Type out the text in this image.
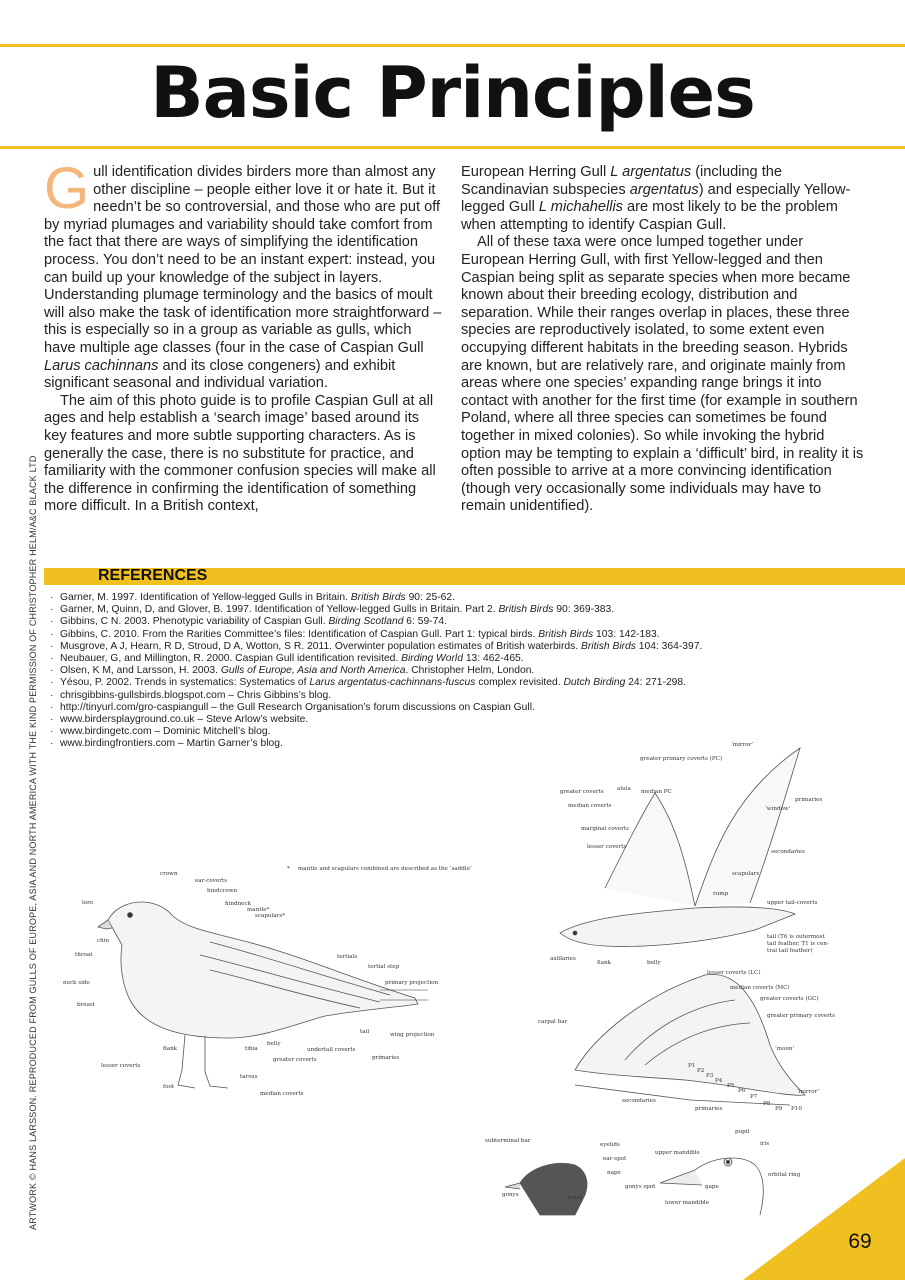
Basic Principles

Gull identification divides birders more than almost any other discipline – people either love it or hate it. But it needn’t be so controversial, and those who are put off by myriad plumages and variability should take comfort from the fact that there are ways of simplifying the identification process. You don’t need to be an instant expert: instead, you can build up your knowledge of the subject in layers. Understanding plumage terminology and the basics of moult will also make the task of identification more straightforward – this is especially so in a group as variable as gulls, which have multiple age classes (four in the case of Caspian Gull Larus cachinnans and its close congeners) and exhibit significant seasonal and individual variation.

The aim of this photo guide is to profile Caspian Gull at all ages and help establish a ‘search image’ based around its key features and more subtle supporting characters. As is generally the case, there is no substitute for practice, and familiarity with the commoner confusion species will make all the difference in confirming the identification of something more difficult. In a British context,

European Herring Gull L argentatus (including the Scandinavian subspecies argentatus) and especially Yellow-legged Gull L michahellis are most likely to be the problem when attempting to identify Caspian Gull.

All of these taxa were once lumped together under European Herring Gull, with first Yellow-legged and then Caspian being split as separate species when more became known about their breeding ecology, distribution and separation. While their ranges overlap in places, these three species are reproductively isolated, to some extent even occupying different habitats in the breeding season. Hybrids are known, but are relatively rare, and originate mainly from areas where one species’ expanding range brings it into contact with another for the first time (for example in southern Poland, where all three species can sometimes be found together in mixed colonies). So while invoking the hybrid option may be tempting to explain a ‘difficult’ bird, in reality it is often possible to arrive at a more convincing identification (though very occasionally some individuals may have to remain unidentified).

REFERENCES
· Garner, M. 1997. Identification of Yellow-legged Gulls in Britain. British Birds 90: 25-62.
· Garner, M, Quinn, D, and Glover, B. 1997. Identification of Yellow-legged Gulls in Britain. Part 2. British Birds 90: 369-383.
· Gibbins, C N. 2003. Phenotypic variability of Caspian Gull. Birding Scotland 6: 59-74.
· Gibbins, C. 2010. From the Rarities Committee’s files: Identification of Caspian Gull. Part 1: typical birds. British Birds 103: 142-183.
· Musgrove, A J, Hearn, R D, Stroud, D A, Wotton, S R. 2011. Overwinter population estimates of British waterbirds. British Birds 104: 364-397.
· Neubauer, G, and Millington, R. 2000. Caspian Gull identification revisited. Birding World 13: 462-465.
· Olsen, K M, and Larsson, H. 2003. Gulls of Europe, Asia and North America. Christopher Helm, London.
· Yésou, P. 2002. Trends in systematics: Systematics of Larus argentatus-cachinnans-fuscus complex revisited. Dutch Birding 24: 271-298.
· chrisgibbins-gullsbirds.blogspot.com – Chris Gibbins’s blog.
· http://tinyurl.com/gro-caspiangull – the Gull Research Organisation’s forum discussions on Caspian Gull.
· www.birdersplayground.co.uk – Steve Arlow’s website.
· www.birdingetc.com – Dominic Mitchell’s blog.
· www.birdingfrontiers.com – Martin Garner’s blog.
ARTWORK © HANS LARSSON. REPRODUCED FROM GULLS OF EUROPE, ASIA AND NORTH AMERICA WITH THE KIND PERMISSION OF CHRISTOPHER HELM/A&C BLACK LTD	crown
ear-coverts
hindcrown
lore	hindneck
mantle*
scapulars*
chin
throat	tertials
tertial step
primary projection
neck side
breast
wing projection
tail
belly
undertail coverts
flank	tibia
primaries
greater coverts
lesser coverts
tarsus
foot
median coverts
* mantle and scapulars combined are described as the ‘saddle’
‘mirror’
greater primary coverts (PC)
primaries
alula median PC
greater coverts
median coverts	‘window’
marginal coverts
secondaries
lesser coverts
scapulars
rump
upper tail-coverts
tail (T6 is outermost
tail feather, T1 is cen-
tral tail feather)
axillaries
flank	belly
lesser coverts (LC)
median coverts (MC)
greater coverts (GC)
carpal bar
greater primary coverts
‘moon’
P1
P2
P3
P4
P5
P6
P7
P8
P9 P10
‘mirror’
secondaries
primaries
subterminal bar
eyelids
ear-spot
nape
gonys	hood
pupil
iris
upper mandible
orbital ring
gonys spot	gape
lower mandible
69
